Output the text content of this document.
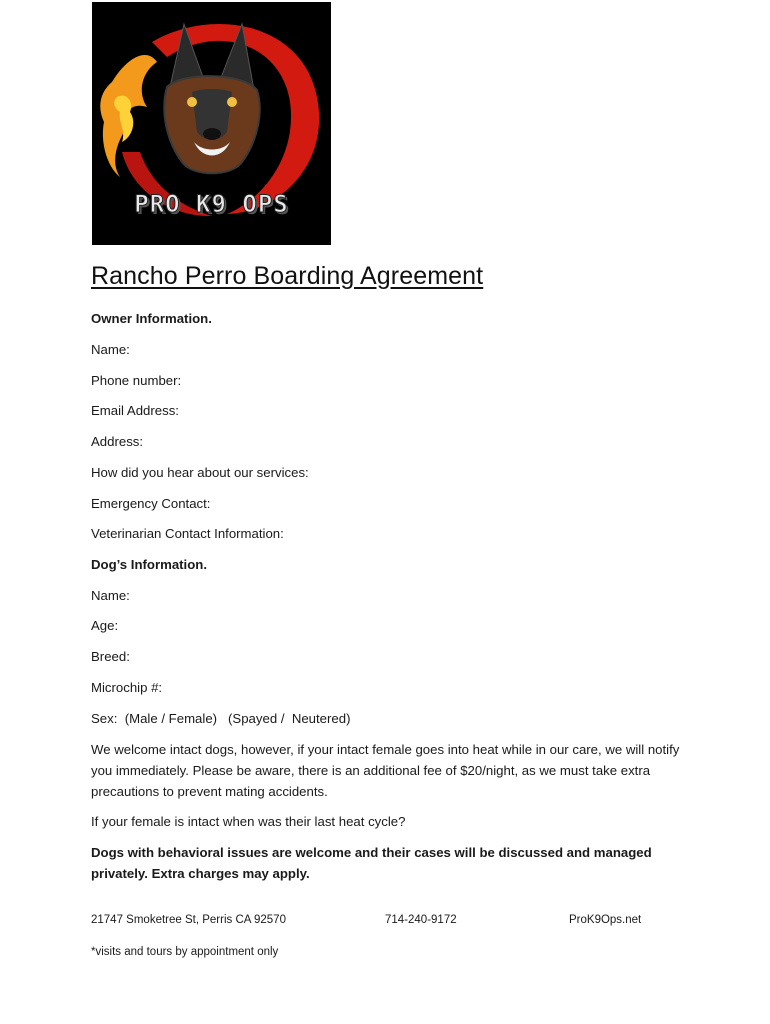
PRO K9 OPS
Rancho Perro Boarding Agreement
Owner Information.
Name:
Phone number:
Email Address:
Address:
How did you hear about our services:
Emergency Contact:
Veterinarian Contact Information:
Dog’s Information.
Name:
Age:
Breed:
Microchip #:
Sex:  (Male / Female)   (Spayed /  Neutered)

We welcome intact dogs, however, if your intact female goes into heat while in our care, we will notify you immediately. Please be aware, there is an additional fee of $20/night, as we must take extra precautions to prevent mating accidents.

If your female is intact when was their last heat cycle?

Dogs with behavioral issues are welcome and their cases will be discussed and managed privately. Extra charges may apply.

21747 Smoketree St, Perris CA 92570	714-240-9172	ProK9Ops.net
*visits and tours by appointment only
